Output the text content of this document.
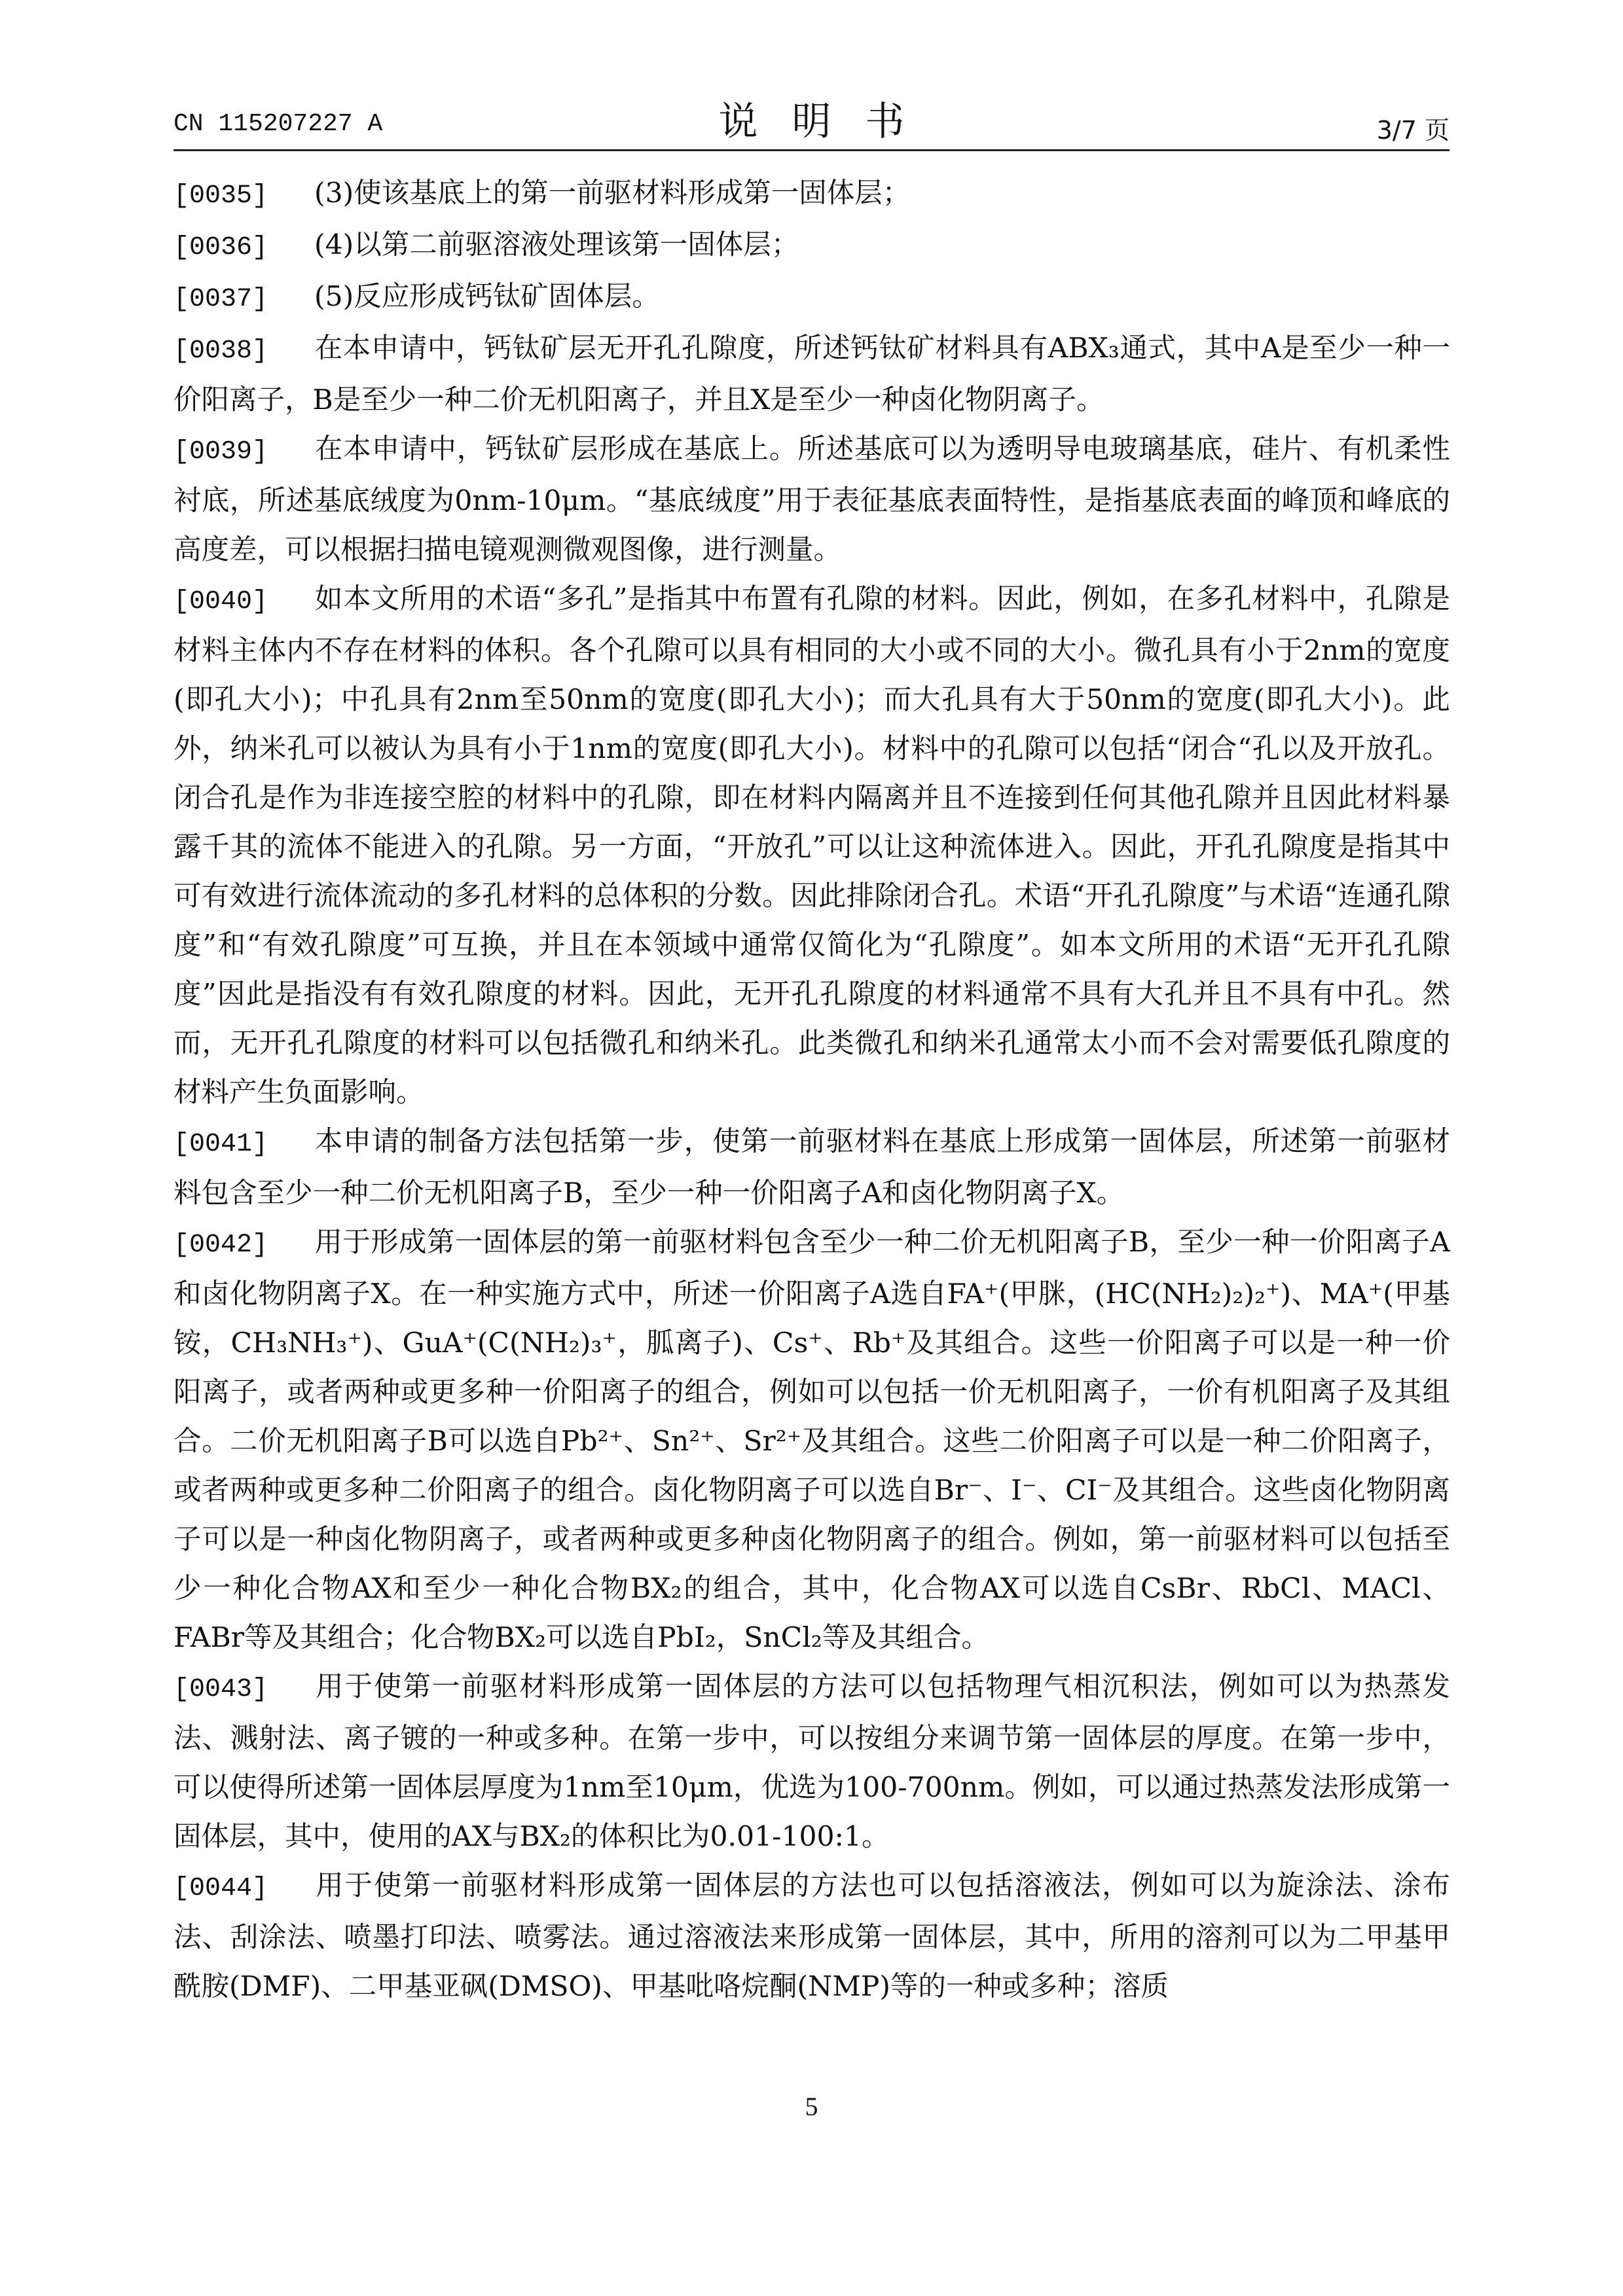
CN 115207227 A	说明书	3/7 页

[0035] (3)使该基底上的第一前驱材料形成第一固体层；

[0036] (4)以第二前驱溶液处理该第一固体层；

[0037] (5)反应形成钙钛矿固体层。

[0038] 在本申请中，钙钛矿层无开孔孔隙度，所述钙钛矿材料具有ABX₃通式，其中A是至少一种一价阳离子，B是至少一种二价无机阳离子，并且X是至少一种卤化物阴离子。

[0039] 在本申请中，钙钛矿层形成在基底上。所述基底可以为透明导电玻璃基底，硅片、有机柔性衬底，所述基底绒度为0nm-10μm。“基底绒度”用于表征基底表面特性，是指基底表面的峰顶和峰底的高度差，可以根据扫描电镜观测微观图像，进行测量。

[0040] 如本文所用的术语“多孔”是指其中布置有孔隙的材料。因此，例如，在多孔材料中，孔隙是材料主体内不存在材料的体积。各个孔隙可以具有相同的大小或不同的大小。微孔具有小于2nm的宽度(即孔大小)；中孔具有2nm至50nm的宽度(即孔大小)；而大孔具有大于50nm的宽度(即孔大小)。此外，纳米孔可以被认为具有小于1nm的宽度(即孔大小)。材料中的孔隙可以包括“闭合“孔以及开放孔。闭合孔是作为非连接空腔的材料中的孔隙，即在材料内隔离并且不连接到任何其他孔隙并且因此材料暴露千其的流体不能进入的孔隙。另一方面，“开放孔”可以让这种流体进入。因此，开孔孔隙度是指其中可有效进行流体流动的多孔材料的总体积的分数。因此排除闭合孔。术语“开孔孔隙度”与术语“连通孔隙度”和“有效孔隙度”可互换，并且在本领域中通常仅简化为“孔隙度”。如本文所用的术语“无开孔孔隙度”因此是指没有有效孔隙度的材料。因此，无开孔孔隙度的材料通常不具有大孔并且不具有中孔。然而，无开孔孔隙度的材料可以包括微孔和纳米孔。此类微孔和纳米孔通常太小而不会对需要低孔隙度的材料产生负面影响。

[0041] 本申请的制备方法包括第一步，使第一前驱材料在基底上形成第一固体层，所述第一前驱材料包含至少一种二价无机阳离子B，至少一种一价阳离子A和卤化物阴离子X。

[0042] 用于形成第一固体层的第一前驱材料包含至少一种二价无机阳离子B，至少一种一价阳离子A和卤化物阴离子X。在一种实施方式中，所述一价阳离子A选自FA⁺(甲脒，(HC(NH₂)₂)₂⁺)、MA⁺(甲基铵，CH₃NH₃⁺)、GuA⁺(C(NH₂)₃⁺，胍离子)、Cs⁺、Rb⁺及其组合。这些一价阳离子可以是一种一价阳离子，或者两种或更多种一价阳离子的组合，例如可以包括一价无机阳离子，一价有机阳离子及其组合。二价无机阳离子B可以选自Pb²⁺、Sn²⁺、Sr²⁺及其组合。这些二价阳离子可以是一种二价阳离子，或者两种或更多种二价阳离子的组合。卤化物阴离子可以选自Br⁻、I⁻、CI⁻及其组合。这些卤化物阴离子可以是一种卤化物阴离子，或者两种或更多种卤化物阴离子的组合。例如，第一前驱材料可以包括至少一种化合物AX和至少一种化合物BX₂的组合，其中，化合物AX可以选自CsBr、RbCl、MACl、FABr等及其组合；化合物BX₂可以选自PbI₂，SnCl₂等及其组合。

[0043] 用于使第一前驱材料形成第一固体层的方法可以包括物理气相沉积法，例如可以为热蒸发法、溅射法、离子镀的一种或多种。在第一步中，可以按组分来调节第一固体层的厚度。在第一步中，可以使得所述第一固体层厚度为1nm至10μm，优选为100-700nm。例如，可以通过热蒸发法形成第一固体层，其中，使用的AX与BX₂的体积比为0.01-100:1。

[0044] 用于使第一前驱材料形成第一固体层的方法也可以包括溶液法，例如可以为旋涂法、涂布法、刮涂法、喷墨打印法、喷雾法。通过溶液法来形成第一固体层，其中，所用的溶剂可以为二甲基甲酰胺(DMF)、二甲基亚砜(DMSO)、甲基吡咯烷酮(NMP)等的一种或多种；溶质

5
